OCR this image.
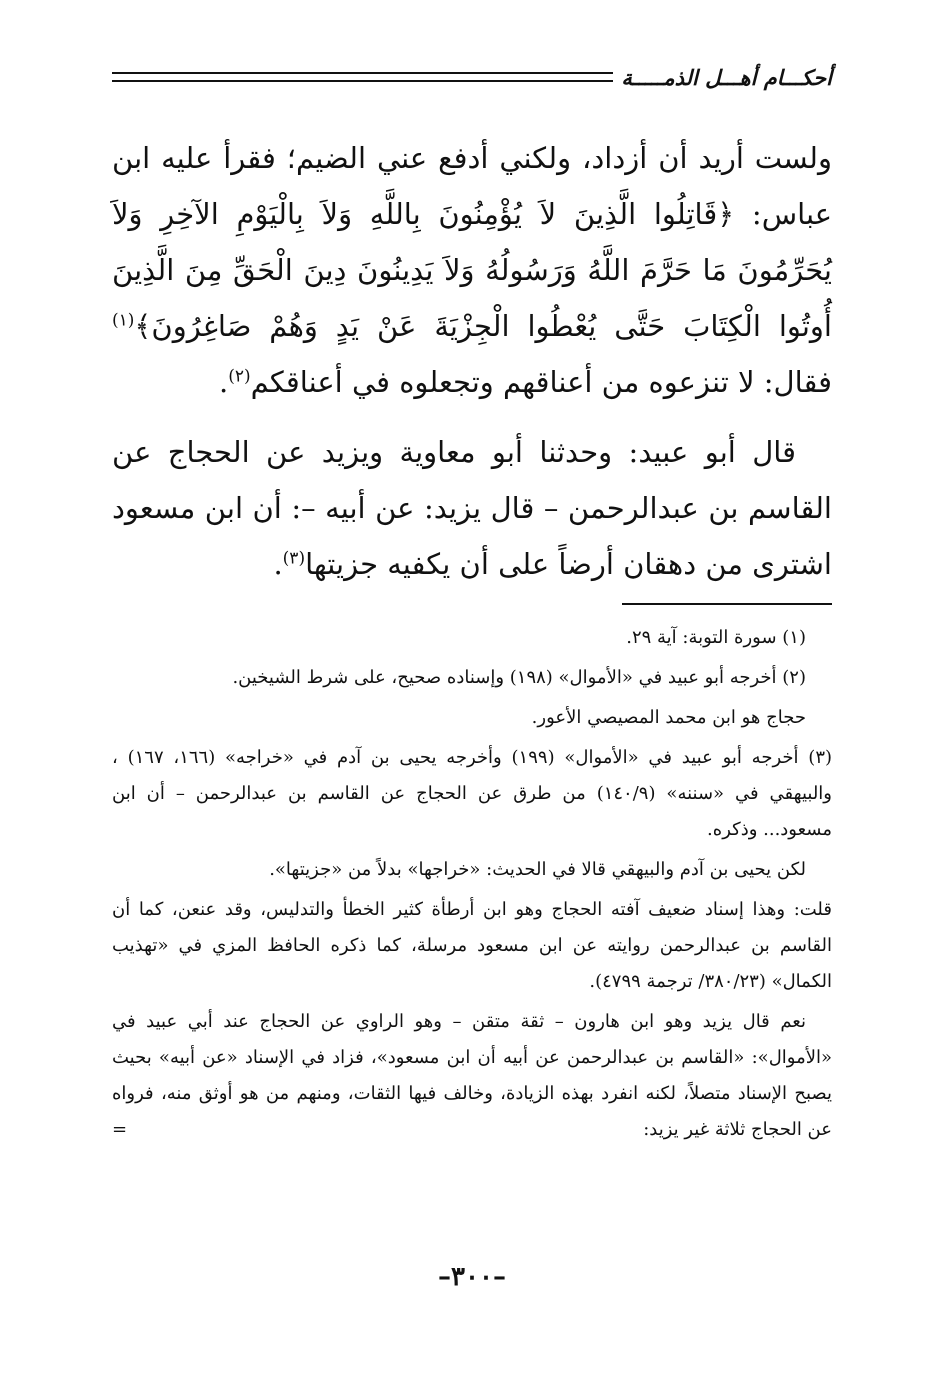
أحكـــام أهـــل الذمـــــة

ولست أريد أن أزداد، ولكني أدفع عني الضيم؛ فقرأ عليه ابن عباس: ﴿قَاتِلُوا الَّذِينَ لاَ يُؤْمِنُونَ بِاللَّهِ وَلاَ بِالْيَوْمِ الآخِرِ وَلاَ يُحَرِّمُونَ مَا حَرَّمَ اللَّهُ وَرَسُولُهُ وَلاَ يَدِينُونَ دِينَ الْحَقِّ مِنَ الَّذِينَ أُوتُوا الْكِتَابَ حَتَّى يُعْطُوا الْجِزْيَةَ عَنْ يَدٍ وَهُمْ صَاغِرُونَ﴾$^{(١)}$ فقال: لا تنزعوه من أعناقهم وتجعلوه في أعناقكم$^{(٢)}$.

قال أبو عبيد: وحدثنا أبو معاوية ويزيد عن الحجاج عن القاسم بن عبدالرحمن – قال يزيد: عن أبيه –: أن ابن مسعود اشترى من دهقان أرضاً على أن يكفيه جزيتها$^{(٣)}$.

(١) سورة التوبة: آية ٢٩.

(٢) أخرجه أبو عبيد في «الأموال» (١٩٨) وإسناده صحيح، على شرط الشيخين.

حجاج هو ابن محمد المصيصي الأعور.

(٣) أخرجه أبو عبيد في «الأموال» (١٩٩) وأخرجه يحيى بن آدم في «خراجه» (١٦٦، ١٦٧) ، والبيهقي في «سننه» (١٤٠/٩) من طرق عن الحجاج عن القاسم بن عبدالرحمن – أن ابن مسعود... وذكره.

لكن يحيى بن آدم والبيهقي قالا في الحديث: «خراجها» بدلاً من «جزيتها».

قلت: وهذا إسناد ضعيف آفته الحجاج وهو ابن أرطأة كثير الخطأ والتدليس، وقد عنعن، كما أن القاسم بن عبدالرحمن روايته عن ابن مسعود مرسلة، كما ذكره الحافظ المزي في «تهذيب الكمال» (٣٨٠/٢٣/ ترجمة ٤٧٩٩).

نعم قال يزيد وهو ابن هارون – ثقة متقن – وهو الراوي عن الحجاج عند أبي عبيد في «الأموال»: «القاسم بن عبدالرحمن عن أبيه أن ابن مسعود»، فزاد في الإسناد «عن أبيه» بحيث يصبح الإسناد متصلاً، لكنه انفرد بهذه الزيادة، وخالف فيها الثقات، ومنهم من هو أوثق منه، فرواه عن الحجاج ثلاثة غير يزيد:
=

–٣٠٠–
